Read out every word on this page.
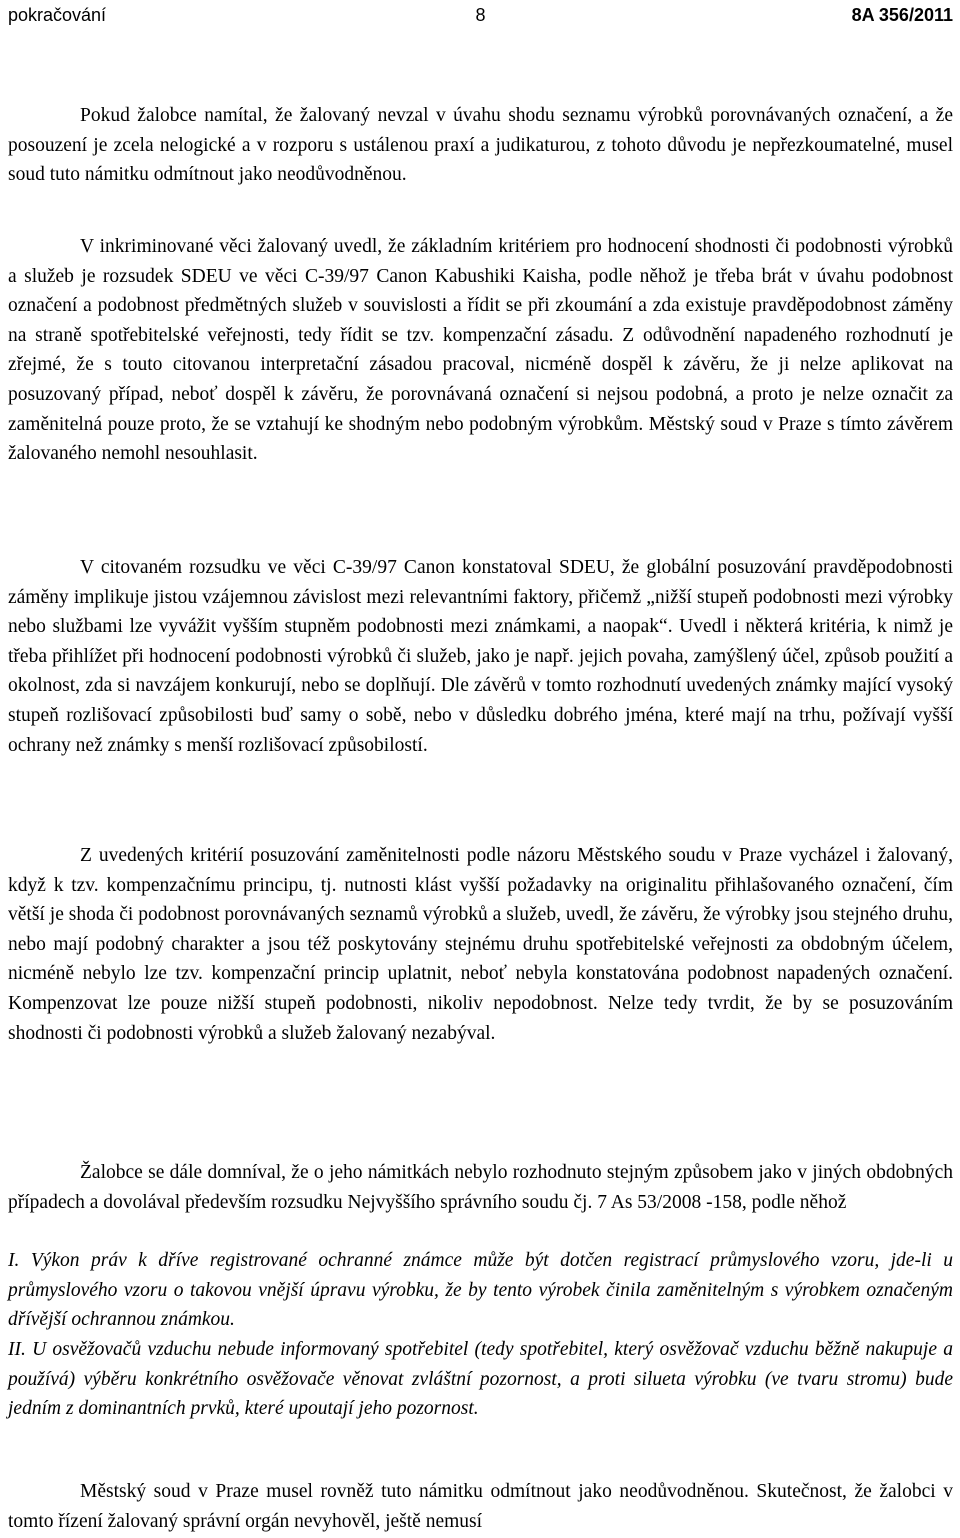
pokračování	8	8A 356/2011

Pokud žalobce namítal, že žalovaný nevzal v úvahu shodu seznamu výrobků porovnávaných označení, a že posouzení je zcela nelogické a v rozporu s ustálenou praxí a judikaturou, z tohoto důvodu je nepřezkoumatelné, musel soud tuto námitku odmítnout jako neodůvodněnou.

V inkriminované věci žalovaný uvedl, že základním kritériem pro hodnocení shodnosti či podobnosti výrobků a služeb je rozsudek SDEU ve věci C-39/97 Canon Kabushiki Kaisha, podle něhož je třeba brát v úvahu podobnost označení a podobnost předmětných služeb v souvislosti a řídit se při zkoumání a zda existuje pravděpodobnost záměny na straně spotřebitelské veřejnosti, tedy řídit se tzv. kompenzační zásadu. Z odůvodnění napadeného rozhodnutí je zřejmé, že s touto citovanou interpretační zásadou pracoval, nicméně dospěl k závěru, že ji nelze aplikovat na posuzovaný případ, neboť dospěl k závěru, že porovnávaná označení si nejsou podobná, a proto je nelze označit za zaměnitelná pouze proto, že se vztahují ke shodným nebo podobným výrobkům. Městský soud v Praze s tímto závěrem žalovaného nemohl nesouhlasit.

V citovaném rozsudku ve věci C-39/97 Canon konstatoval SDEU, že globální posuzování pravděpodobnosti záměny implikuje jistou vzájemnou závislost mezi relevantními faktory, přičemž „nižší stupeň podobnosti mezi výrobky nebo službami lze vyvážit vyšším stupněm podobnosti mezi známkami, a naopak“. Uvedl i některá kritéria, k nimž je třeba přihlížet při hodnocení podobnosti výrobků či služeb, jako je např. jejich povaha, zamýšlený účel, způsob použití a okolnost, zda si navzájem konkurují, nebo se doplňují. Dle závěrů v tomto rozhodnutí uvedených známky mající vysoký stupeň rozlišovací způsobilosti buď samy o sobě, nebo v důsledku dobrého jména, které mají na trhu, požívají vyšší ochrany než známky s menší rozlišovací způsobilostí.

Z uvedených kritérií posuzování zaměnitelnosti podle názoru Městského soudu v Praze vycházel i žalovaný, když k tzv. kompenzačnímu principu, tj. nutnosti klást vyšší požadavky na originalitu přihlašovaného označení, čím větší je shoda či podobnost porovnávaných seznamů výrobků a služeb, uvedl, že závěru, že výrobky jsou stejného druhu, nebo mají podobný charakter a jsou též poskytovány stejnému druhu spotřebitelské veřejnosti za obdobným účelem, nicméně nebylo lze tzv. kompenzační princip uplatnit, neboť nebyla konstatována podobnost napadených označení. Kompenzovat lze pouze nižší stupeň podobnosti, nikoliv nepodobnost. Nelze tedy tvrdit, že by se posuzováním shodnosti či podobnosti výrobků a služeb žalovaný nezabýval.

Žalobce se dále domníval, že o jeho námitkách nebylo rozhodnuto stejným způsobem jako v jiných obdobných případech a dovolával především rozsudku Nejvyššího správního soudu čj. 7 As 53/2008 -158, podle něhož

I. Výkon práv k dříve registrované ochranné známce může být dotčen registrací průmyslového vzoru, jde-li u průmyslového vzoru o takovou vnější úpravu výrobku, že by tento výrobek činila zaměnitelným s výrobkem označeným dřívější ochrannou známkou.

II. U osvěžovačů vzduchu nebude informovaný spotřebitel (tedy spotřebitel, který osvěžovač vzduchu běžně nakupuje a používá) výběru konkrétního osvěžovače věnovat zvláštní pozornost, a proti silueta výrobku (ve tvaru stromu) bude jedním z dominantních prvků, které upoutají jeho pozornost.

Městský soud v Praze musel rovněž tuto námitku odmítnout jako neodůvodněnou. Skutečnost, že žalobci v tomto řízení žalovaný správní orgán nevyhověl, ještě nemusí
